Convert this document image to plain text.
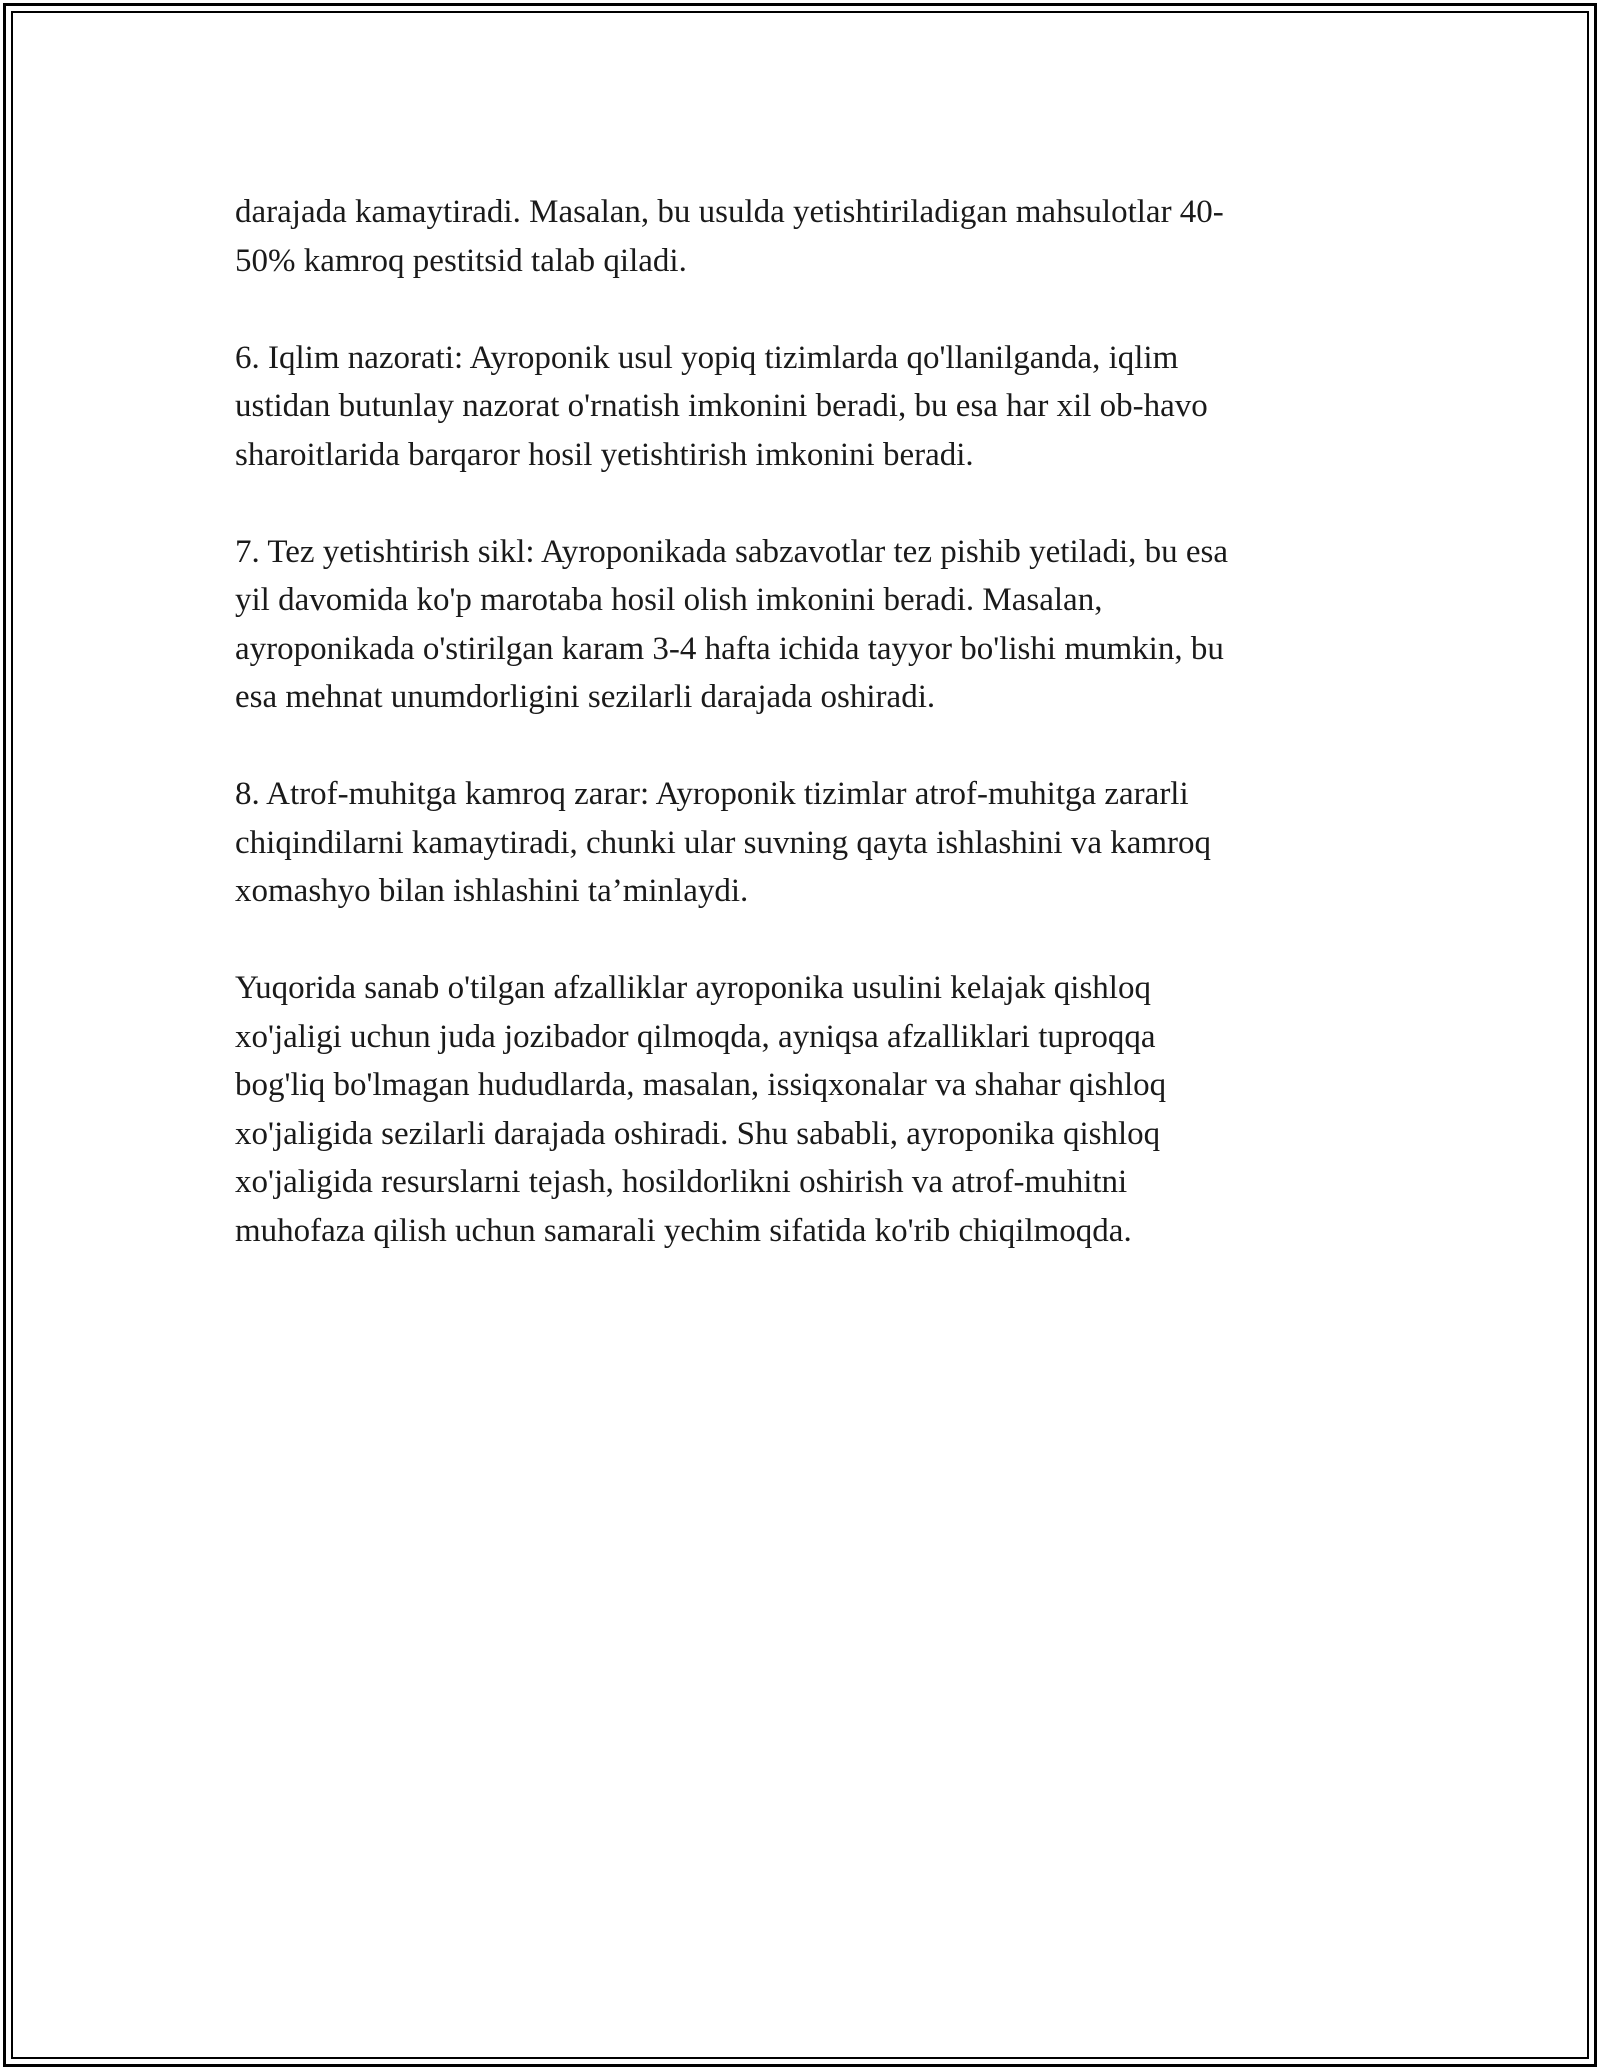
darajada kamaytiradi. Masalan, bu usulda yetishtiriladigan mahsulotlar 40-
50% kamroq pestitsid talab qiladi.

6. Iqlim nazorati: Ayroponik usul yopiq tizimlarda qo'llanilganda, iqlim
ustidan butunlay nazorat o'rnatish imkonini beradi, bu esa har xil ob-havo
sharoitlarida barqaror hosil yetishtirish imkonini beradi.

7. Tez yetishtirish sikl: Ayroponikada sabzavotlar tez pishib yetiladi, bu esa
yil davomida ko'p marotaba hosil olish imkonini beradi. Masalan,
ayroponikada o'stirilgan karam 3-4 hafta ichida tayyor bo'lishi mumkin, bu
esa mehnat unumdorligini sezilarli darajada oshiradi.

8. Atrof-muhitga kamroq zarar: Ayroponik tizimlar atrof-muhitga zararli
chiqindilarni kamaytiradi, chunki ular suvning qayta ishlashini va kamroq
xomashyo bilan ishlashini ta’minlaydi.

Yuqorida sanab o'tilgan afzalliklar ayroponika usulini kelajak qishloq
xo'jaligi uchun juda jozibador qilmoqda, ayniqsa afzalliklari tuproqqa
bog'liq bo'lmagan hududlarda, masalan, issiqxonalar va shahar qishloq
xo'jaligida sezilarli darajada oshiradi. Shu sababli, ayroponika qishloq
xo'jaligida resurslarni tejash, hosildorlikni oshirish va atrof-muhitni
muhofaza qilish uchun samarali yechim sifatida ko'rib chiqilmoqda.
